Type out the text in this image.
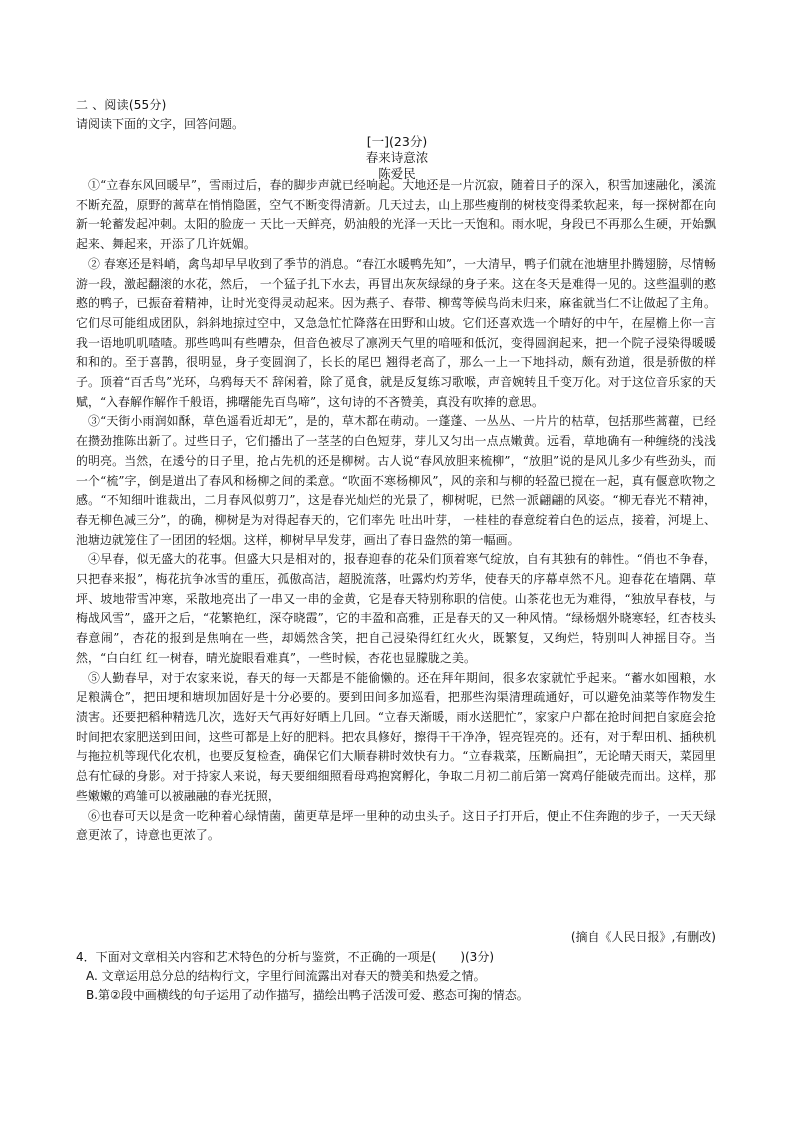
二 、阅读(55分)
请阅读下面的文字，回答问题。
[一](23分)
春来诗意浓
陈爱民

①“立春东风回暖早”，雪雨过后，春的脚步声就已经响起。大地还是一片沉寂，随着日子的深入，积雪加速融化，溪流不断充盈，原野的蒿草在悄悄隐匿，空气不断变得清新。几天过去，山上那些瘦削的树枝变得柔软起来，每一探树都在向新一轮蓄发起冲刺。太阳的脸庞一 天比一天鲜亮，奶油般的光泽一天比一天饱和。雨水呢，身段已不再那么生硬，开始飘起来、舞起来，开添了几许妩媚。

② 春寒还是料峭，禽鸟却早早收到了季节的消息。“春江水暖鸭先知”，一大清早，鸭子们就在池塘里扑腾翅膀，尽情畅游一段，激起翻滚的水花，然后， 一个猛子扎下水去，再冒出灰灰绿绿的身子来。这在冬天是难得一见的。这些温驯的憨憨的鸭子，已振奋着精神，让时光变得灵动起来。因为燕子、春带、柳莺等候鸟尚未归来，麻雀就当仁不让做起了主角。它们尽可能组成团队，斜斜地掠过空中，又急急忙忙降落在田野和山坡。它们还喜欢选一个晴好的中午，在屋檐上你一言我一语地叽叽喳喳。那些鸣叫有些嘈杂，但音色被尽了凛冽天气里的喑哑和低沉，变得圆润起来，把一个院子浸染得暖暖和和的。至于喜鹊，很明显，身子变圆润了，长长的尾巴 翘得老高了，那么一上一下地抖动，颇有劲道，很是骄傲的样子。顶着“百舌鸟”光环，乌鸦每天不 辞闲着，除了觅食，就是反复练习歌喉，声音婉转且千变万化。对于这位音乐家的天赋，“入春解作解作千般语，拂曙能先百鸟啼”，这句诗的不吝赞美，真没有吹捧的意思。

③“天街小雨润如酥，草色遥看近却无”，是的，草木都在萌动。一蓬蓬、一丛丛、一片片的枯草，包括那些蒿藋，已经在攒劲推陈出新了。过些日子，它们播出了一茎茎的白色短芽，芽儿又匀出一点点嫩黄。远看，草地确有一种缠绕的浅浅的明亮。当然，在逶兮的日子里，抢占先机的还是柳树。古人说“春风放胆来梳柳”，“放胆”说的是风儿多少有些劲头，而一个“梳”字，倒是道出了春风和杨柳之间的柔意。“吹面不寒杨柳风”，风的亲和与柳的轻盈已搅在一起，真有偃意吹物之感。“不知细叶谁裁出，二月春风似剪刀”，这是春光灿烂的光景了，柳树呢，已然一派翩翩的风姿。“柳无春光不精神，春无柳色减三分”，的确，柳树是为对得起春天的，它们率先 吐出叶芽， 一桂桂的春意绽着白色的运点，接着，河堤上、池塘边就笼住了一团团的轻烟。这样，柳树早早发芽，画出了春日盎然的第一幅画。

④早春，似无盛大的花事。但盛大只是相对的，报春迎春的花朵们顶着寒气绽放，自有其独有的韩性。“俏也不争春，只把春来报”，梅花抗争冰雪的重压，孤傲高洁，超脱流落，吐露灼灼芳华，使春天的序幕卓然不凡。迎春花在墙隅、草坪、坡地带雪冲寒，采散地亮出了一串又一串的金黄，它是春天特别称职的信使。山茶花也无为难得，“独放早春枝，与梅战风雪”，盛开之后，“花繁艳红，深夺晓霞”，它的丰盈和高雅，正是春天的又一种风情。“绿杨烟外晓寒轻，红杏枝头春意闹”，杏花的报到是焦响在一些，却嫣然含笑，把自己浸染得红红火火，既繁复，又绚烂，特别叫人神摇目夺。当然，“白白红 红一树春，晴光旋眼看难真”，一些时候，杏花也显朦胧之美。

⑤人勤春早，对于农家来说，春天的每一天都是不能偷懒的。还在拜年期间，很多农家就忙乎起来。“蓄水如囤粮，水足粮满仓”，把田埂和塘坝加固好是十分必要的。要到田间多加巡看，把那些沟渠清理疏通好，可以避免油菜等作物发生渍害。还要把稻种精选几次，选好天气再好好晒上几回。“立春天渐暖，雨水送肥忙”，家家户户都在抢时间把自家庭会抢时间把农家肥送到田间，这些可都是上好的肥料。把农具修好，擦得干干净净，锃亮锃亮的。还有，对于犁田机、插秧机与拖拉机等现代化农机，也要反复检查，确保它们大顺春耕时效快有力。“立春栽菜，压断扁担”，无论晴天雨天，菜园里总有忙碌的身影。对于持家人来说，每天要细细照看母鸡抱窝孵化，争取二月初二前后第一窝鸡仔能破壳而出。这样，那些嫩嫩的鸡雏可以被融融的春光抚照，

⑥也春可天以是贪一吃种着心绿情菌，菌更草是坪一里种的动虫头子。这日子打开后，便止不住奔跑的步子，一天天绿意更浓了，诗意也更浓了。

(摘自《人民日报》,有删改)

4．下面对文章相关内容和艺术特色的分析与鉴赏，不正确的一项是(　　)(3分)

A. 文章运用总分总的结构行文，字里行间流露出对春天的赞美和热爱之情。

B.第②段中画横线的句子运用了动作描写，描绘出鸭子活泼可爱、憨态可掬的情态。
